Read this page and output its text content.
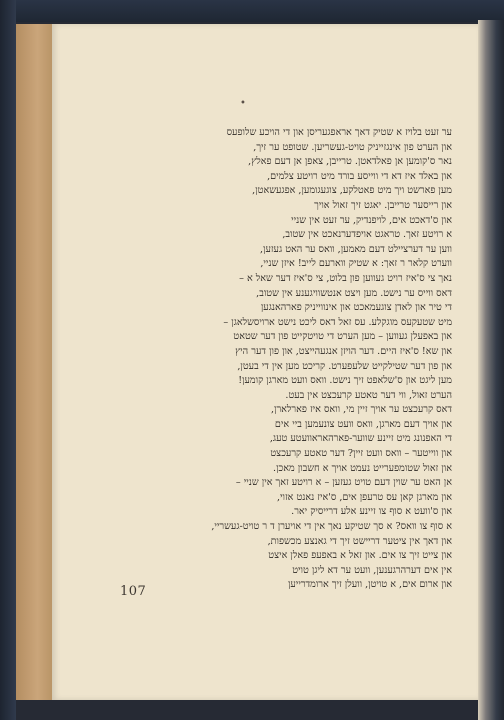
•
ער זעט בלויז א שטיק דאך אראפגעריסן און די הויכע שלופעס
און הערט פון אינגזייניק טויט-געשריען. שטופט ער זיך,
נאר ס'קומען אן פאלדאטן. טרייבן, צאפן אן דעם פאלץ,
און באלד איז דא די ווייסע בורד מיט רויטע צלמים,
מען פארשט ויך מיט פאטלקע, צוגעגומען, אפגעשאטן,
און רייסער טרייבן. יאגט זיך זאול אויך
און ס'דאכט אים, לויפנדיק, ער זעט אין שניי
א רויטע זאך. טראגט אויפדערנאכט אין שטוב,
ווען ער דערציילט דעם מאמען, וואס ער האט געזען,
ווערט קלאר ר זאך: א שטיק ווארעם לייב! איזן שניי,
נאך צי ס'איז רויט געווען פון בלוט, צי ס'איז דער שאל א –
דאס ווייס ער נישט. מען ויצט אנטשוויגענע אין שטוב,
די טיר און לאדן צוגעמאכט און אינווייניק פארהאנגען
מיט שטעקעס מוגקלע. עס זאל דאס ליכט נישט ארויסשלאגן –
און באפעלן געווען – מען הערט די טויטקייט פון דער שטאט
און שא! ס'איז היים. דער הויזן אנגעהייצט, און פון דער היץ
און פון דער שטילקייט שלעפערט. קריכט מען אין די בעטן,
מען ליגט און ס'שלאפט זיך נישט. וואס וועט מארגן קומען!
הערט זאול, ווי דער טאטע קרעכצט אין בעט.
דאס קרעכצט ער אויך זיין מי, וואס איז פארלארן,
און אויך דעם מארגן, וואס וועט צונעמען ביי אים
די האפנונג מיט זיינע שווער-פארהאראוועטע טעג,
און ווייטער – וואס וועט זיין? דער טאטע קרעכצט
און זאול שטומפערייט נעמט אויך א חשבון מאכן.
אן האט ער שוין דעם טויט געזען – א רויטע זאך אין שניי –
און מארגן קאן עס טרעפן אים, ס'איז נאנט אזוי,
און ס'וועט א סוף צו זיינע אלע דרייסיק יאר.
א סוף צו וואס? א סך שטיקע נאך אין די אויערן ד ר טויט-געשריי,
און דאך אין ציטער דריישט זיך די גאנצע מכשפות,
און צייט זיך צו אים. און זאל א באפעפ פאלן איצט
אין אים דערהרגענען, וועט ער דא ליגן טויט
און ארום אים, א טויטן, וועלן זיך ארומדרייען
107
